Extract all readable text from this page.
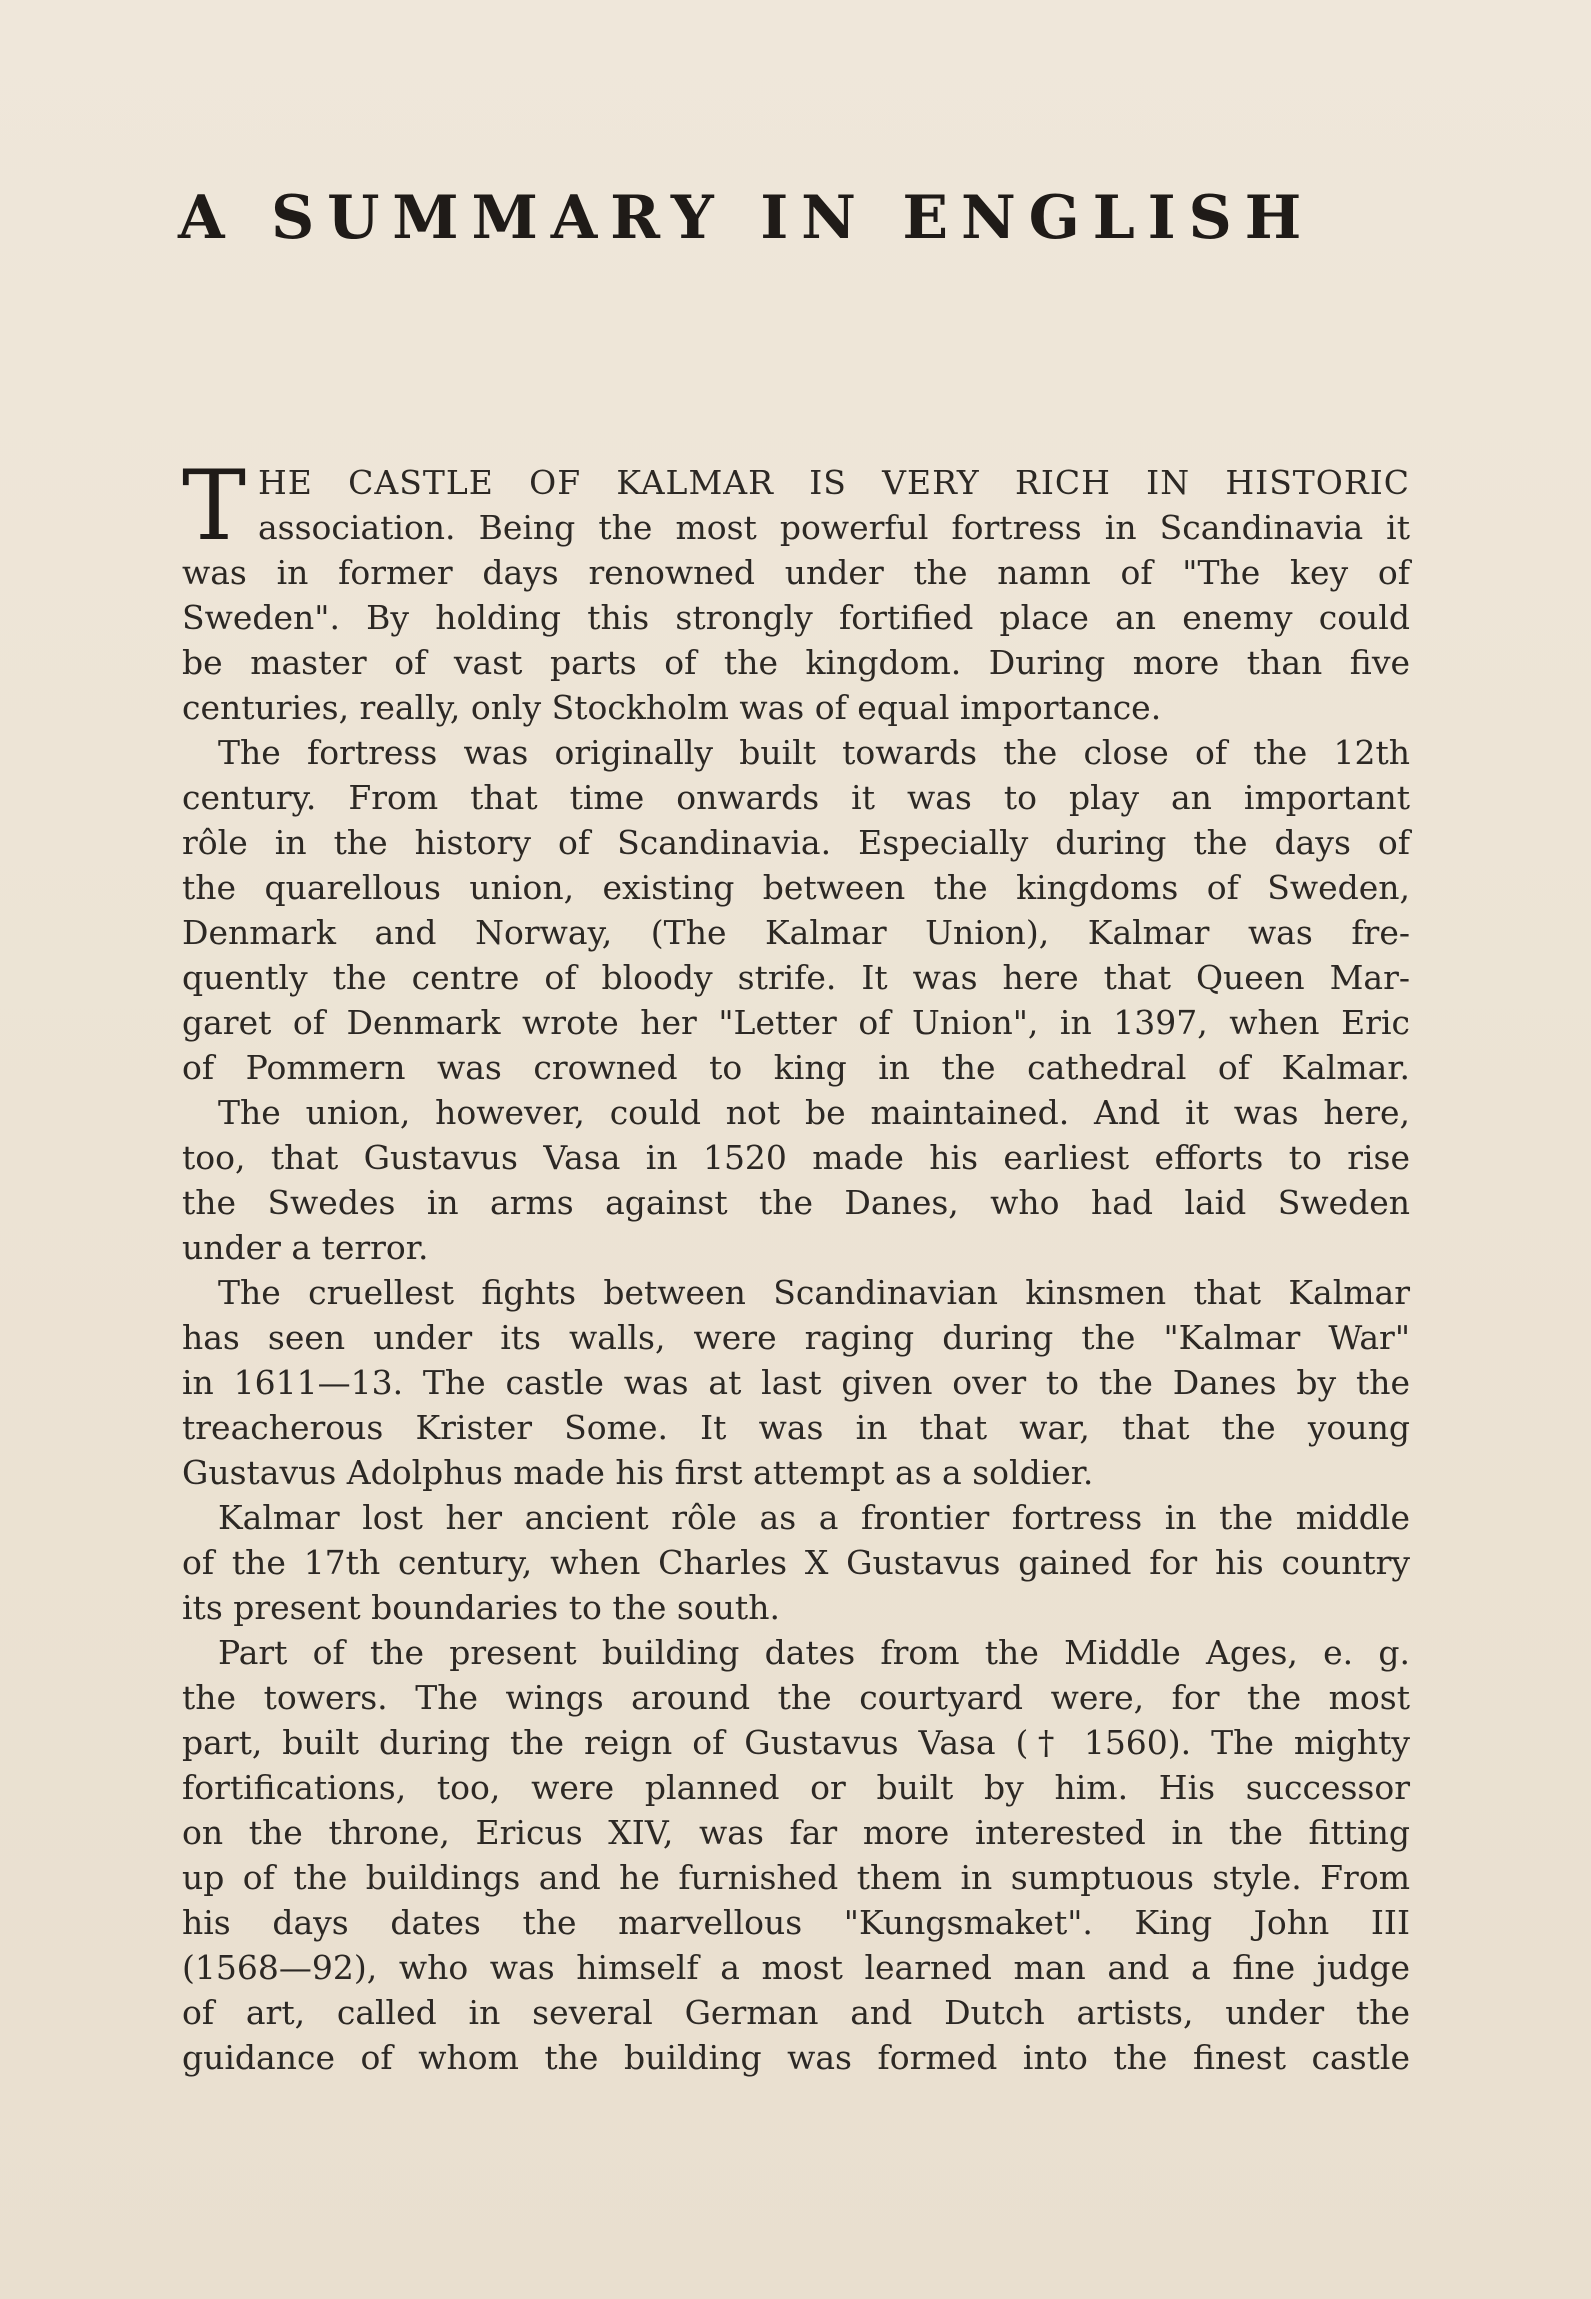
A SUMMARY IN ENGLISH
T HE CASTLE OF KALMAR IS VERY RICH IN HISTORIC
association. Being the most powerful fortress in Scandinavia it
was in former days renowned under the namn of "The key of
Sweden". By holding this strongly fortified place an enemy could
be master of vast parts of the kingdom. During more than five
centuries, really, only Stockholm was of equal importance.
The fortress was originally built towards the close of the 12th
century. From that time onwards it was to play an important
rôle in the history of Scandinavia. Especially during the days of
the quarellous union, existing between the kingdoms of Sweden,
Denmark and Norway, (The Kalmar Union), Kalmar was fre-
quently the centre of bloody strife. It was here that Queen Mar-
garet of Denmark wrote her "Letter of Union", in 1397, when Eric
of Pommern was crowned to king in the cathedral of Kalmar.
The union, however, could not be maintained. And it was here,
too, that Gustavus Vasa in 1520 made his earliest efforts to rise
the Swedes in arms against the Danes, who had laid Sweden
under a terror.
The cruellest fights between Scandinavian kinsmen that Kalmar
has seen under its walls, were raging during the "Kalmar War"
in 1611—13. The castle was at last given over to the Danes by the
treacherous Krister Some. It was in that war, that the young
Gustavus Adolphus made his first attempt as a soldier.
Kalmar lost her ancient rôle as a frontier fortress in the middle
of the 17th century, when Charles X Gustavus gained for his country
its present boundaries to the south.
Part of the present building dates from the Middle Ages, e. g.
the towers. The wings around the courtyard were, for the most
part, built during the reign of Gustavus Vasa († 1560). The mighty
fortifications, too, were planned or built by him. His successor
on the throne, Ericus XIV, was far more interested in the fitting
up of the buildings and he furnished them in sumptuous style. From
his days dates the marvellous "Kungsmaket". King John III
(1568—92), who was himself a most learned man and a fine judge
of art, called in several German and Dutch artists, under the
guidance of whom the building was formed into the finest castle
